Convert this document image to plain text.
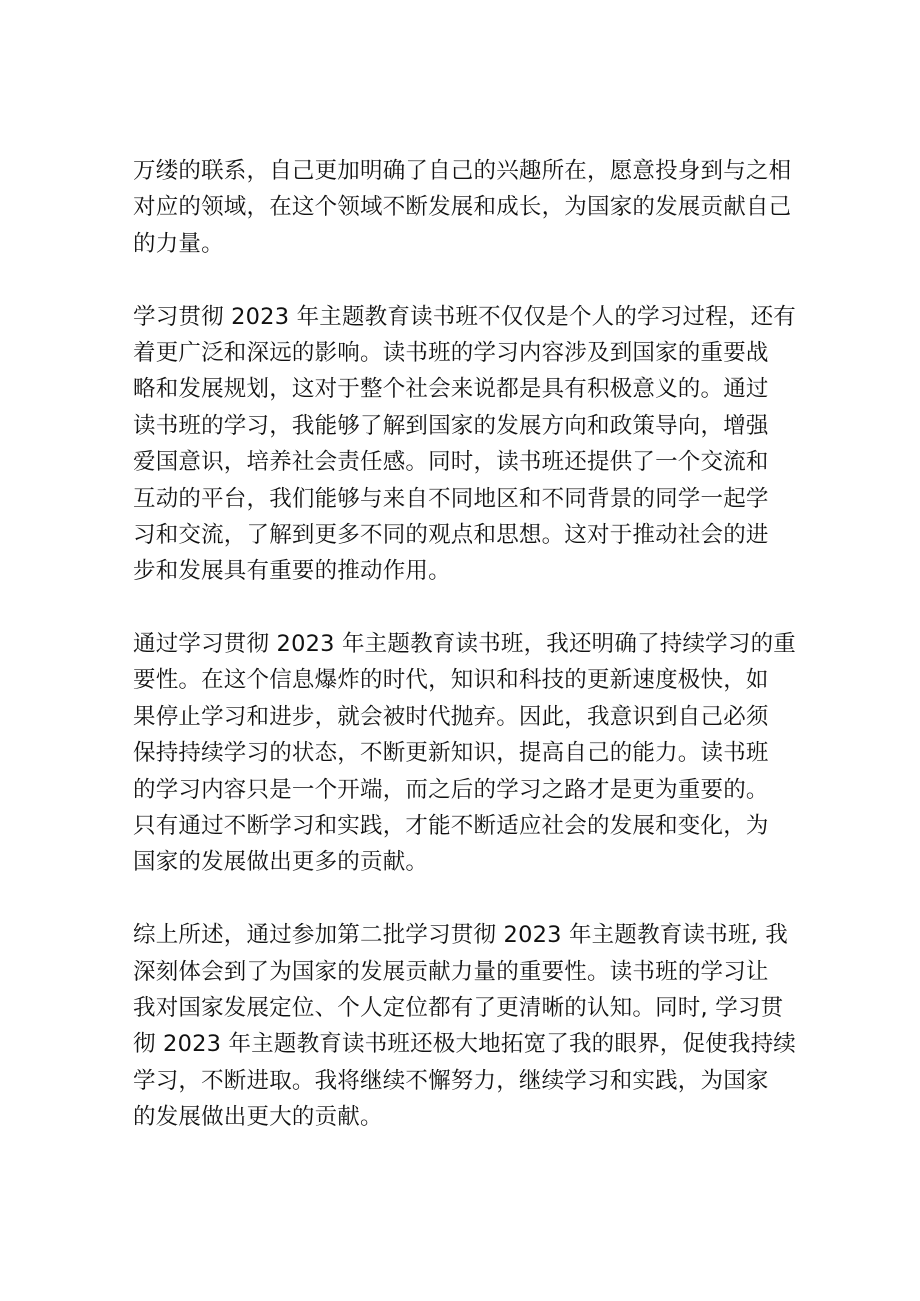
万缕的联系，自己更加明确了自己的兴趣所在，愿意投身到与之相
对应的领域，在这个领域不断发展和成长，为国家的发展贡献自己
的力量。
学习贯彻 2023 年主题教育读书班不仅仅是个人的学习过程，还有
着更广泛和深远的影响。读书班的学习内容涉及到国家的重要战
略和发展规划，这对于整个社会来说都是具有积极意义的。通过
读书班的学习，我能够了解到国家的发展方向和政策导向，增强
爱国意识，培养社会责任感。同时，读书班还提供了一个交流和
互动的平台，我们能够与来自不同地区和不同背景的同学一起学
习和交流，了解到更多不同的观点和思想。这对于推动社会的进
步和发展具有重要的推动作用。
通过学习贯彻 2023 年主题教育读书班，我还明确了持续学习的重
要性。在这个信息爆炸的时代，知识和科技的更新速度极快，如
果停止学习和进步，就会被时代抛弃。因此，我意识到自己必须
保持持续学习的状态，不断更新知识，提高自己的能力。读书班
的学习内容只是一个开端，而之后的学习之路才是更为重要的。
只有通过不断学习和实践，才能不断适应社会的发展和变化，为
国家的发展做出更多的贡献。
综上所述，通过参加第二批学习贯彻 2023 年主题教育读书班, 我
深刻体会到了为国家的发展贡献力量的重要性。读书班的学习让
我对国家发展定位、个人定位都有了更清晰的认知。同时, 学习贯
彻 2023 年主题教育读书班还极大地拓宽了我的眼界，促使我持续
学习，不断进取。我将继续不懈努力，继续学习和实践，为国家
的发展做出更大的贡献。
